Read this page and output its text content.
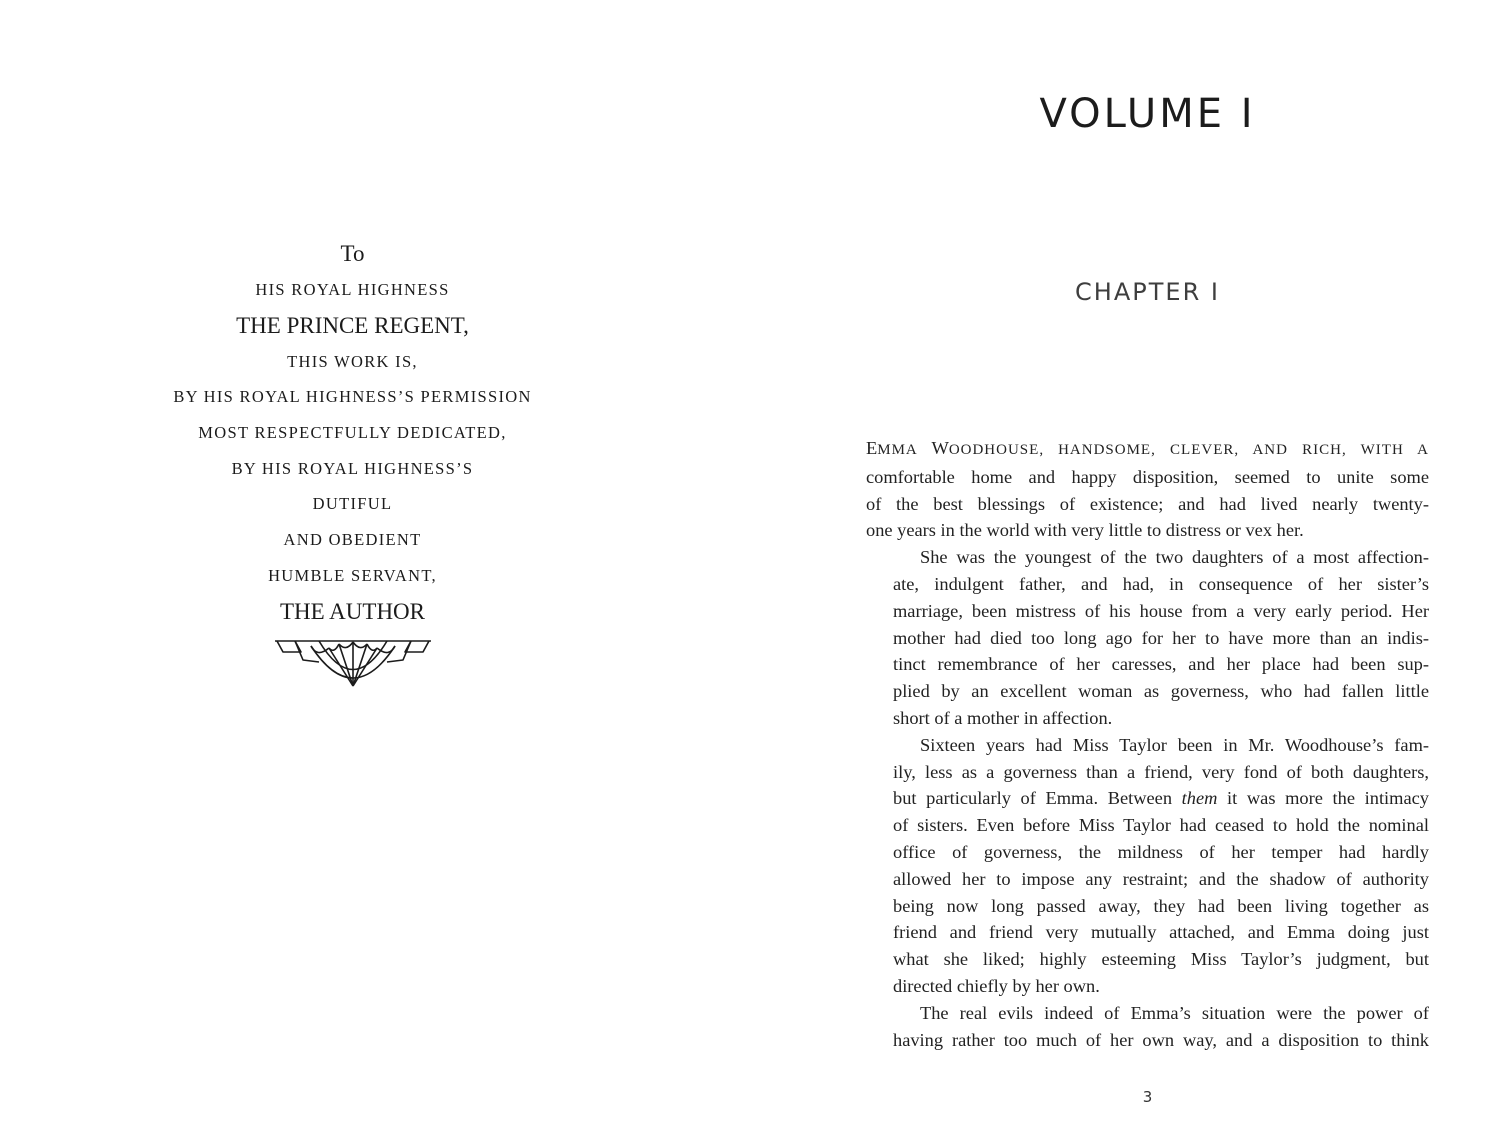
To
HIS ROYAL HIGHNESS
THE PRINCE REGENT,
THIS WORK IS,
BY HIS ROYAL HIGHNESS’S PERMISSION
MOST RESPECTFULLY DEDICATED,
BY HIS ROYAL HIGHNESS’S
DUTIFUL
AND OBEDIENT
HUMBLE SERVANT,
THE AUTHOR
VOLUME I
CHAPTER I

EMMA WOODHOUSE, HANDSOME, CLEVER, AND RICH, WITH A
comfortable home and happy disposition, seemed to unite some
of the best blessings of existence; and had lived nearly twenty-
one years in the world with very little to distress or vex her.

She was the youngest of the two daughters of a most affection-
ate, indulgent father, and had, in consequence of her sister’s
marriage, been mistress of his house from a very early period. Her
mother had died too long ago for her to have more than an indis-
tinct remembrance of her caresses, and her place had been sup-
plied by an excellent woman as governess, who had fallen little
short of a mother in affection.

Sixteen years had Miss Taylor been in Mr. Woodhouse’s fam-
ily, less as a governess than a friend, very fond of both daughters,
but particularly of Emma. Between them it was more the intimacy
of sisters. Even before Miss Taylor had ceased to hold the nominal
office of governess, the mildness of her temper had hardly
allowed her to impose any restraint; and the shadow of authority
being now long passed away, they had been living together as
friend and friend very mutually attached, and Emma doing just
what she liked; highly esteeming Miss Taylor’s judgment, but
directed chiefly by her own.

The real evils indeed of Emma’s situation were the power of
having rather too much of her own way, and a disposition to think

3
